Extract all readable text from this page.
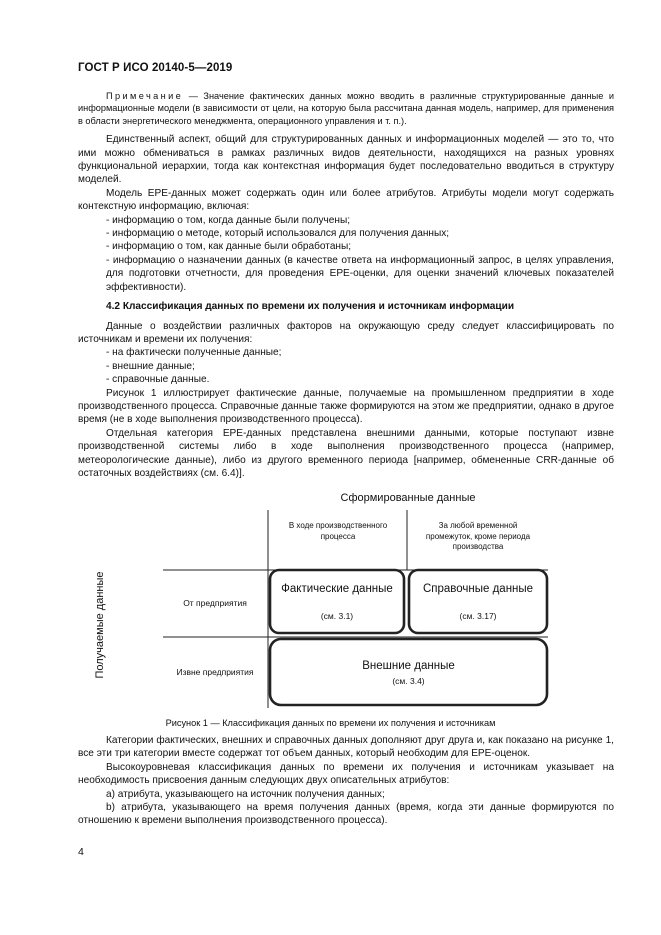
ГОСТ Р ИСО 20140-5—2019

Примечание — Значение фактических данных можно вводить в различные структурированные данные и информационные модели (в зависимости от цели, на которую была рассчитана данная модель, например, для применения в области энергетического менеджмента, операционного управления и т. п.).

Единственный аспект, общий для структурированных данных и информационных моделей — это то, что ими можно обмениваться в рамках различных видов деятельности, находящихся на разных уровнях функциональной иерархии, тогда как контекстная информация будет последовательно вводиться в структуру моделей.

Модель ЕРЕ-данных может содержать один или более атрибутов. Атрибуты модели могут содержать контекстную информацию, включая:

- информацию о том, когда данные были получены;

- информацию о методе, который использовался для получения данных;

- информацию о том, как данные были обработаны;

- информацию о назначении данных (в качестве ответа на информационный запрос, в целях управления, для подготовки отчетности, для проведения ЕРЕ-оценки, для оценки значений ключевых показателей эффективности).

4.2 Классификация данных по времени их получения и источникам информации

Данные о воздействии различных факторов на окружающую среду следует классифицировать по источникам и времени их получения:

- на фактически полученные данные;

- внешние данные;

- справочные данные.

Рисунок 1 иллюстрирует фактические данные, получаемые на промышленном предприятии в ходе производственного процесса. Справочные данные также формируются на этом же предприятии, однако в другое время (не в ходе выполнения производственного процесса).

Отдельная категория ЕРЕ-данных представлена внешними данными, которые поступают извне производственной системы либо в ходе выполнения производственного процесса (например, метеорологические данные), либо из другого временного периода [например, обмененные CRR-данные об остаточных воздействиях (см. 6.4)].

Сформированные данные
В ходе производственного процесса
За любой временной промежуток, кроме периода производства
Получаемые данные	От предприятия
Извне предприятия
Фактические данные
(см. 3.1)
Справочные данные
(см. 3.17)
Внешние данные
(см. 3.4)
Рисунок 1 — Классификация данных по времени их получения и источникам

Категории фактических, внешних и справочных данных дополняют друг друга и, как показано на рисунке 1, все эти три категории вместе содержат тот объем данных, который необходим для ЕРЕ-оценок.

Высокоуровневая классификация данных по времени их получения и источникам указывает на необходимость присвоения данным следующих двух описательных атрибутов:

a) атрибута, указывающего на источник получения данных;

b) атрибута, указывающего на время получения данных (время, когда эти данные формируются по отношению к времени выполнения производственного процесса).

4
